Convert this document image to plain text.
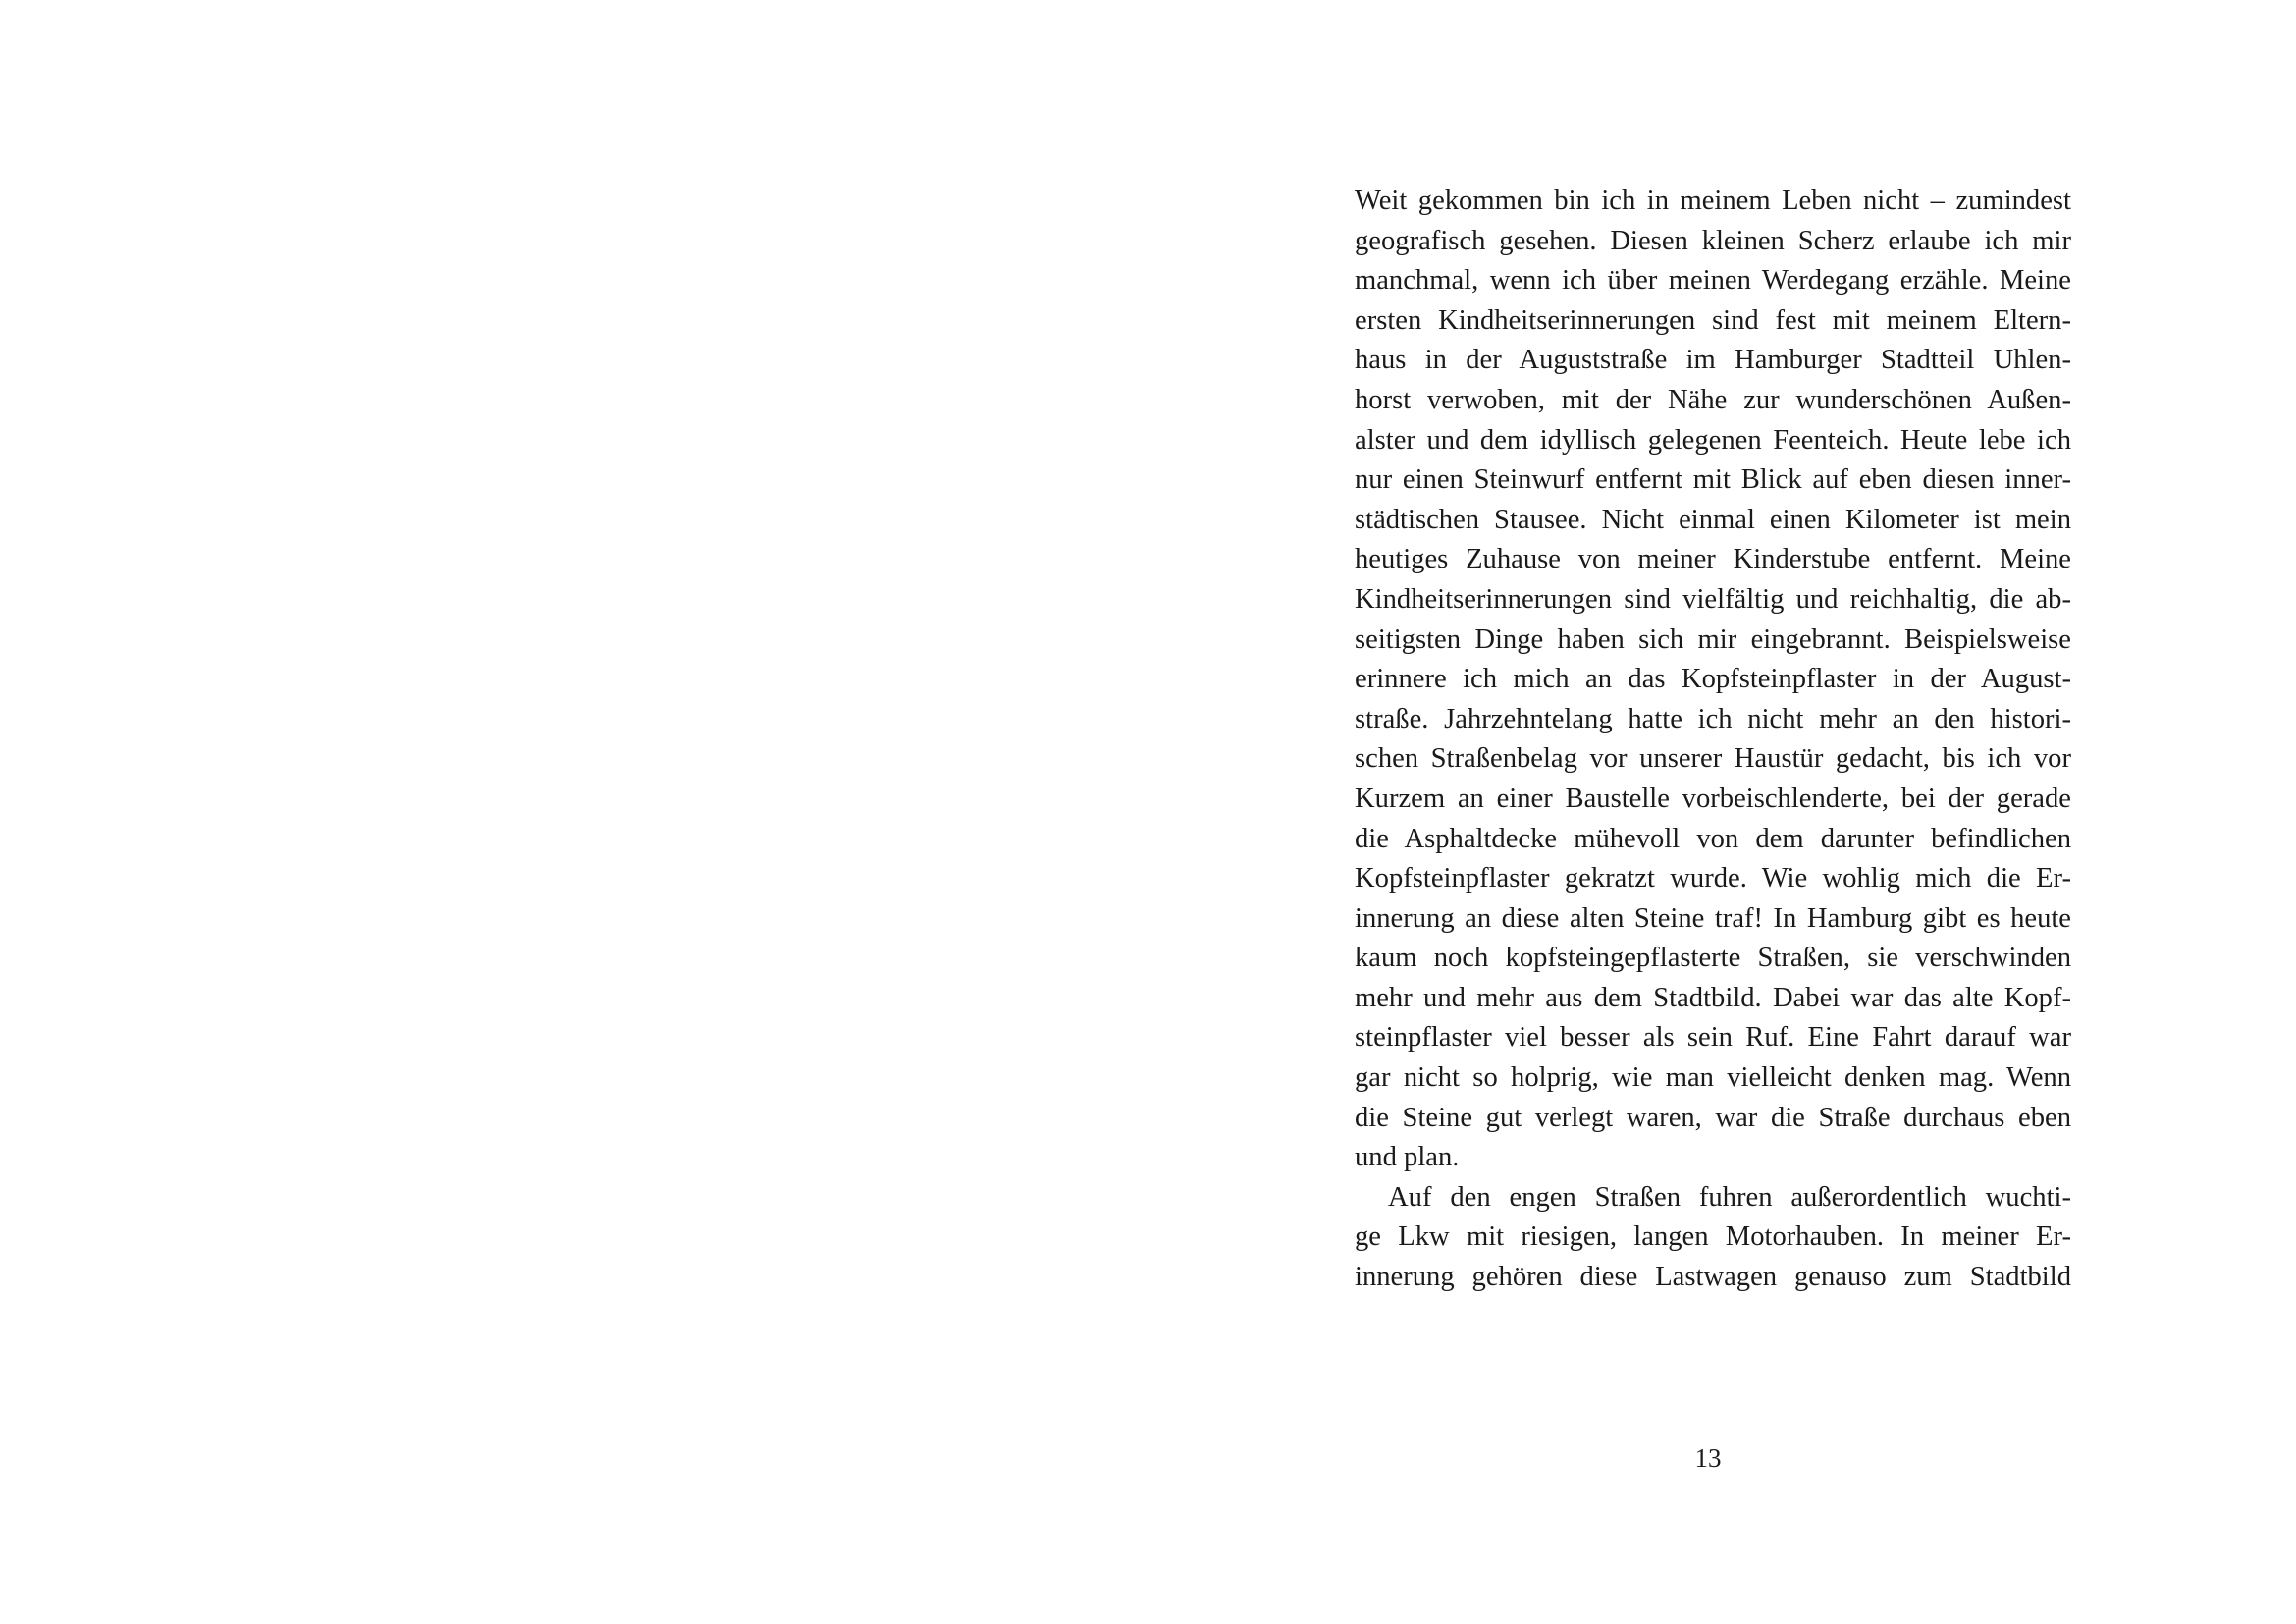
Weit gekommen bin ich in meinem Leben nicht – zumindest
geografisch gesehen. Diesen kleinen Scherz erlaube ich mir
manchmal, wenn ich über meinen Werdegang erzähle. Meine
ersten Kindheitserinnerungen sind fest mit meinem Eltern-
haus in der Auguststraße im Hamburger Stadtteil Uhlen-
horst verwoben, mit der Nähe zur wunderschönen Außen-
alster und dem idyllisch gelegenen Feenteich. Heute lebe ich
nur einen Steinwurf entfernt mit Blick auf eben diesen inner-
städtischen Stausee. Nicht einmal einen Kilometer ist mein
heutiges Zuhause von meiner Kinderstube entfernt. Meine
Kindheitserinnerungen sind vielfältig und reichhaltig, die ab-
seitigsten Dinge haben sich mir eingebrannt. Beispielsweise
erinnere ich mich an das Kopfsteinpflaster in der August-
straße. Jahrzehntelang hatte ich nicht mehr an den histori-
schen Straßenbelag vor unserer Haustür gedacht, bis ich vor
Kurzem an einer Baustelle vorbeischlenderte, bei der gerade
die Asphaltdecke mühevoll von dem darunter befindlichen
Kopfsteinpflaster gekratzt wurde. Wie wohlig mich die Er-
innerung an diese alten Steine traf! In Hamburg gibt es heute
kaum noch kopfsteingepflasterte Straßen, sie verschwinden
mehr und mehr aus dem Stadtbild. Dabei war das alte Kopf-
steinpflaster viel besser als sein Ruf. Eine Fahrt darauf war
gar nicht so holprig, wie man vielleicht denken mag. Wenn
die Steine gut verlegt waren, war die Straße durchaus eben
und plan.
Auf den engen Straßen fuhren außerordentlich wuchti-
ge Lkw mit riesigen, langen Motorhauben. In meiner Er-
innerung gehören diese Lastwagen genauso zum Stadtbild
13
